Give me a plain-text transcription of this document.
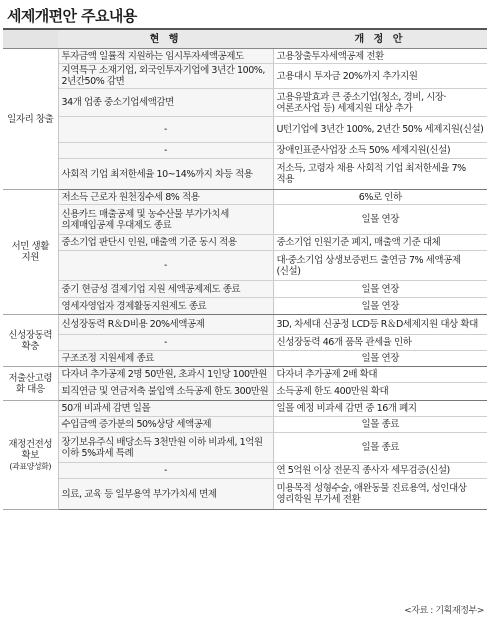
세제개편안 주요내용
	현 행	개 정 안

일자리 창출	투자금액 일률적 지원하는 임시투자세액공제도	고용창출투자세액공제 전환
	지역특구 소재기업, 외국인투자기업에 3년간 100%, 2년간50% 감면	고용대시 투자금 20%까지 추가지원
	34개 업종 중소기업세액감면	고용유발효과 큰 중소기업(청소, 경비, 시장·여론조사업 등) 세제지원 대상 추가
	-	U턴기업에 3년간 100%, 2년간 50% 세제지원(신설)
	-	장애인표준사업장 소득 50% 세제지원(신설)
	사회적 기업 최저한세율 10~14%까지 차등 적용	저소득, 고령자 채용 사회적 기업 최저한세율 7% 적용

서민 생활
지원	저소득 근로자 원천징수세 8% 적용	6%로 인하
	신용카드 매출공제 및 농수산물 부가가치세 의제매입공제 우대제도 종료	일몰 연장
	중소기업 판단시 인원, 매출액 기준 동시 적용	중소기업 인원기준 폐지, 매출액 기준 대체
	-	대·중소기업 상생보증펀드 출연금 7% 세액공제(신설)
	중기 현금성 결제기업 지원 세액공제제도 종료	일몰 연장
	영세자영업자 경제활동지원제도 종료	일몰 연장

신성장동력
확충	신성장동력 R＆D비용 20%세액공제	3D, 차세대 신공정 LCD등 R＆D세제지원 대상 확대
	-	신성장동력 46개 품목 관세율 인하
	구조조정 지원세제 종료	일몰 연장

저출산고령
화 대응	다자녀 추가공제 2명 50만원, 초과시 1인당 100만원	다자녀 추가공제 2배 확대
	퇴직연금 및 연금저축 불입액 소득공제 한도 300만원	소득공제 한도 400만원 확대

재정건전성
확보
(과표양성화)	50개 비과세 감면 일몰	일몰 예정 비과세 감면 중 16개 폐지
	수입금액 증가분의 50%상당 세액공제	일몰 종료
	장기보유주식 배당소득 3천만원 이하 비과세, 1억원 이하 5%과세 특례	일몰 종료
	-	연 5억원 이상 전문직 종사자 세무검증(신설)
	의료, 교육 등 일부용역 부가가치세 면제	미용목적 성형수술, 애완동물 진료용역, 성인대상 영리학원 부가세 전환
<자료 : 기획재정부>
